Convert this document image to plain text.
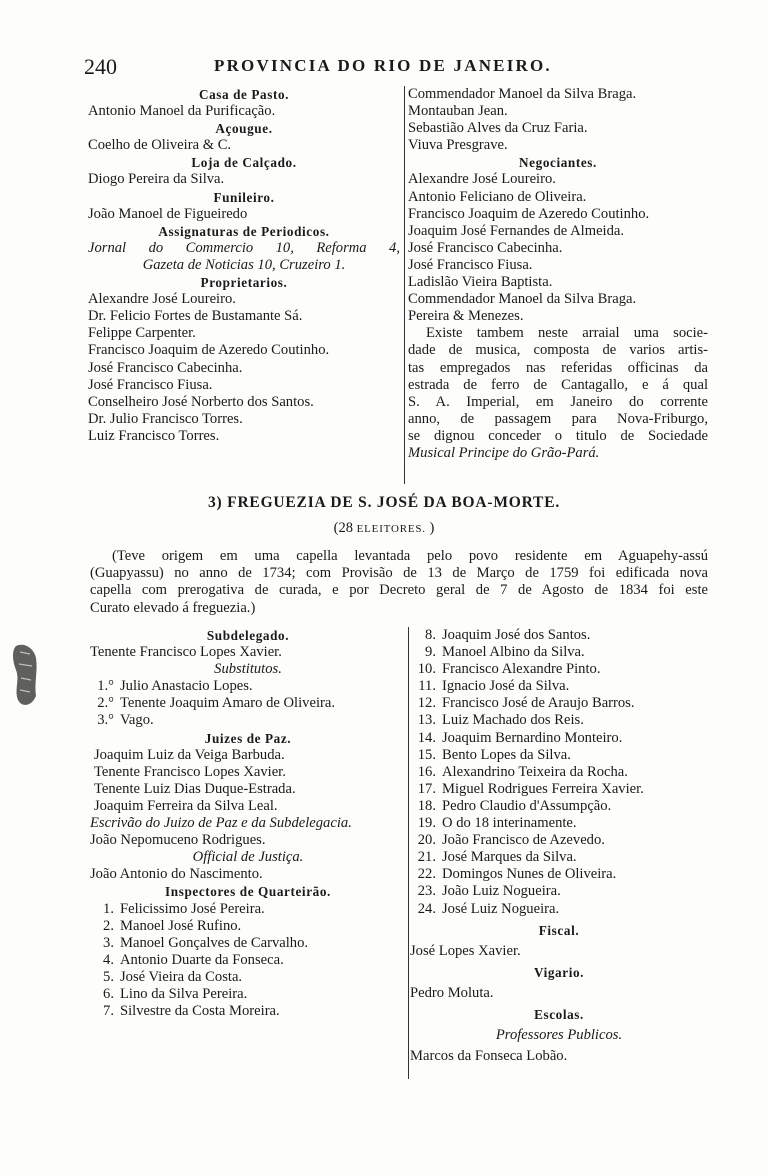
240	PROVINCIA DO RIO DE JANEIRO.
Casa de Pasto.
Antonio Manoel da Purificação.
Açougue.
Coelho de Oliveira & C.
Loja de Calçado.
Diogo Pereira da Silva.
Funileiro.
João Manoel de Figueiredo
Assignaturas de Periodicos.
Jornal do Commercio 10, Reforma 4,
Gazeta de Noticias 10, Cruzeiro 1.
Proprietarios.
Alexandre José Loureiro.
Dr. Felicio Fortes de Bustamante Sá.
Felippe Carpenter.
Francisco Joaquim de Azeredo Coutinho.
José Francisco Cabecinha.
José Francisco Fiusa.
Conselheiro José Norberto dos Santos.
Dr. Julio Francisco Torres.
Luiz Francisco Torres.
Commendador Manoel da Silva Braga.
Montauban Jean.
Sebastião Alves da Cruz Faria.
Viuva Presgrave.
Negociantes.
Alexandre José Loureiro.
Antonio Feliciano de Oliveira.
Francisco Joaquim de Azeredo Coutinho.
Joaquim José Fernandes de Almeida.
José Francisco Cabecinha.
José Francisco Fiusa.
Ladislão Vieira Baptista.
Commendador Manoel da Silva Braga.
Pereira & Menezes.
Existe tambem neste arraial uma socie-
dade de musica, composta de varios artis-
tas empregados nas referidas officinas da
estrada de ferro de Cantagallo, e á qual
S. A. Imperial, em Janeiro do corrente
anno, de passagem para Nova-Friburgo,
se dignou conceder o titulo de Sociedade
Musical Principe do Grão-Pará.
3) FREGUEZIA DE S. JOSÉ DA BOA-MORTE.
(28 ELEITORES. )
(Teve origem em uma capella levantada pelo povo residente em Aguapehy-assú
(Guapyassu) no anno de 1734; com Provisão de 13 de Março de 1759 foi edificada nova
capella com prerogativa de curada, e por Decreto geral de 7 de Agosto de 1834 foi este
Curato elevado á freguezia.)
Subdelegado.
Tenente Francisco Lopes Xavier.
Substitutos.
1.° Julio Anastacio Lopes.
2.° Tenente Joaquim Amaro de Oliveira.
3.° Vago.
Juizes de Paz.
Joaquim Luiz da Veiga Barbuda.
Tenente Francisco Lopes Xavier.
Tenente Luiz Dias Duque-Estrada.
Joaquim Ferreira da Silva Leal.
Escrivão do Juizo de Paz e da Subdelegacia.
João Nepomuceno Rodrigues.
Official de Justiça.
João Antonio do Nascimento.
Inspectores de Quarteirão.
1. Felicissimo José Pereira.
2. Manoel José Rufino.
3. Manoel Gonçalves de Carvalho.
4. Antonio Duarte da Fonseca.
5. José Vieira da Costa.
6. Lino da Silva Pereira.
7. Silvestre da Costa Moreira.
8. Joaquim José dos Santos.
9. Manoel Albino da Silva.
10. Francisco Alexandre Pinto.
11. Ignacio José da Silva.
12. Francisco José de Araujo Barros.
13. Luiz Machado dos Reis.
14. Joaquim Bernardino Monteiro.
15. Bento Lopes da Silva.
16. Alexandrino Teixeira da Rocha.
17. Miguel Rodrigues Ferreira Xavier.
18. Pedro Claudio d'Assumpção.
19. O do 18 interinamente.
20. João Francisco de Azevedo.
21. José Marques da Silva.
22. Domingos Nunes de Oliveira.
23. João Luiz Nogueira.
24. José Luiz Nogueira.
Fiscal.
José Lopes Xavier.
Vigario.
Pedro Moluta.
Escolas.
Professores Publicos.
Marcos da Fonseca Lobão.
